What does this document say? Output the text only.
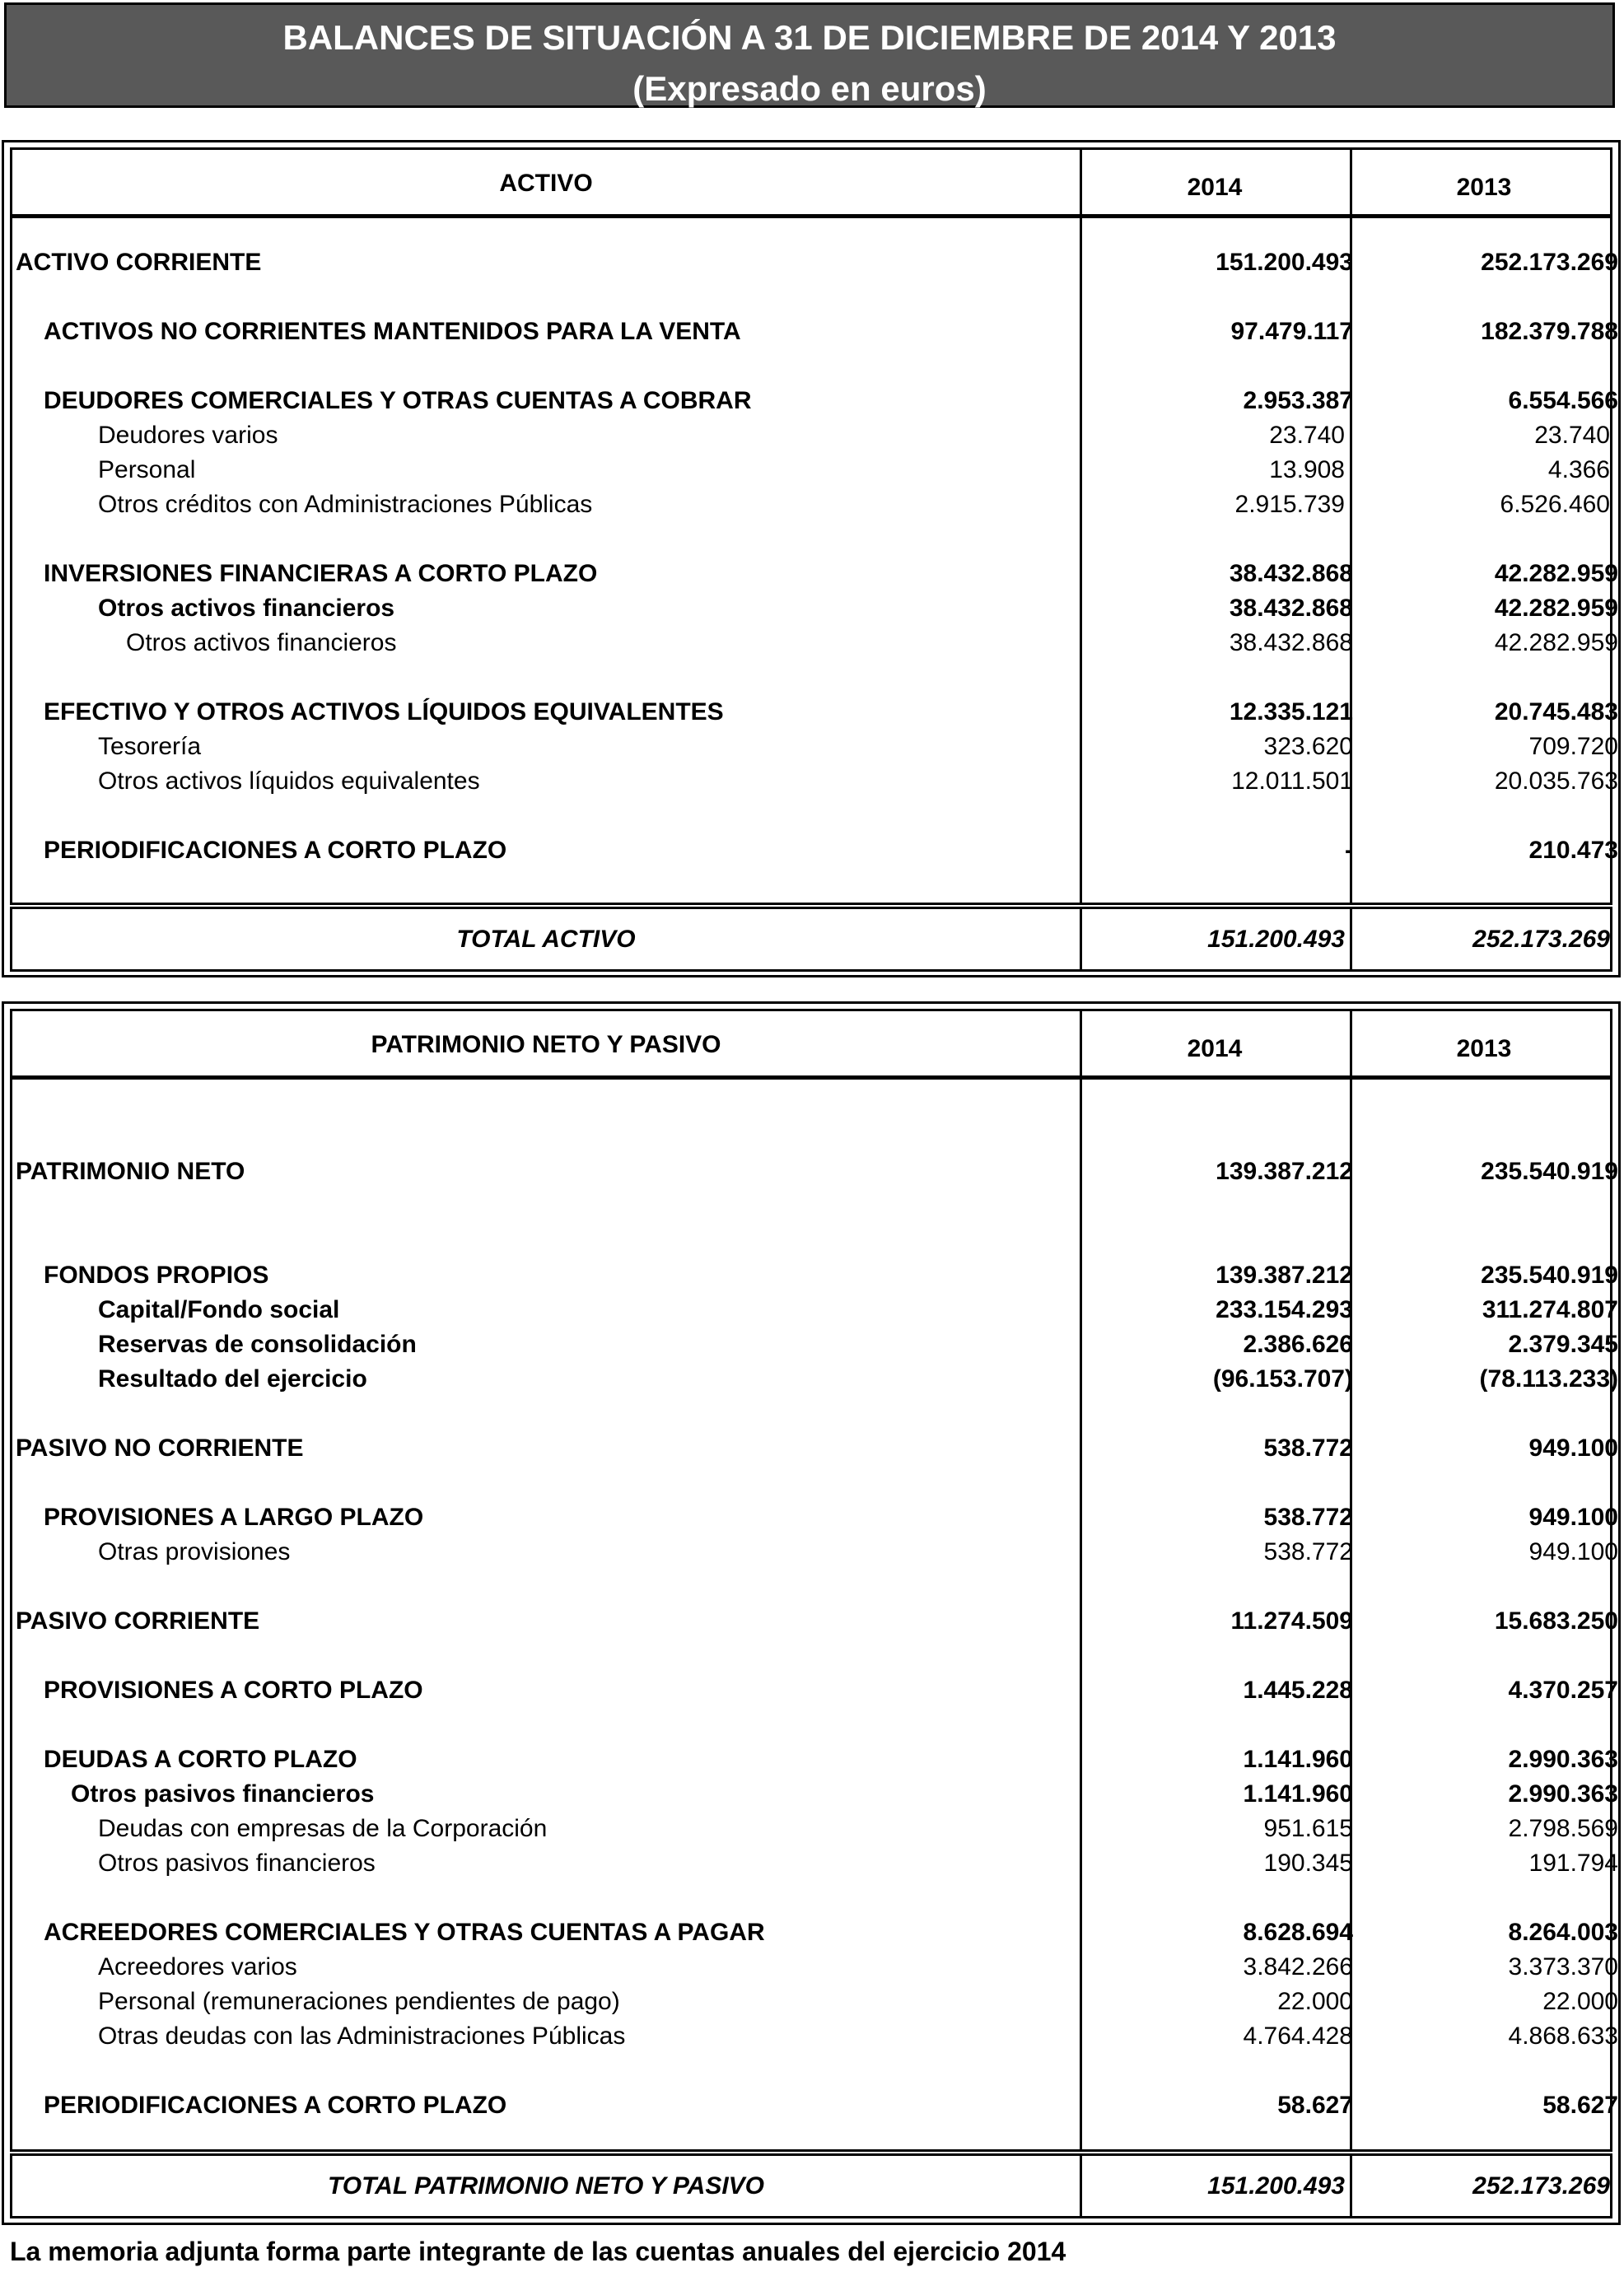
BALANCES DE SITUACIÓN A 31 DE DICIEMBRE DE 2014 Y 2013
(Expresado en euros)
ACTIVO	2014	2013
ACTIVO CORRIENTE	151.200.493	252.173.269
ACTIVOS NO CORRIENTES MANTENIDOS PARA LA VENTA	97.479.117	182.379.788
DEUDORES COMERCIALES Y OTRAS CUENTAS A COBRAR	2.953.387	6.554.566
Deudores varios	23.740	23.740
Personal	13.908	4.366
Otros créditos con Administraciones Públicas	2.915.739	6.526.460
INVERSIONES FINANCIERAS A CORTO PLAZO	38.432.868	42.282.959
Otros activos financieros	38.432.868	42.282.959
Otros activos financieros	38.432.868	42.282.959
EFECTIVO Y OTROS ACTIVOS LÍQUIDOS EQUIVALENTES	12.335.121	20.745.483
Tesorería	323.620	709.720
Otros activos líquidos equivalentes	12.011.501	20.035.763
PERIODIFICACIONES A CORTO PLAZO	-	210.473
TOTAL ACTIVO	151.200.493	252.173.269
PATRIMONIO NETO Y PASIVO	2014	2013
PATRIMONIO NETO	139.387.212	235.540.919
FONDOS PROPIOS	139.387.212	235.540.919
Capital/Fondo social	233.154.293	311.274.807
Reservas de consolidación	2.386.626	2.379.345
Resultado del ejercicio	(96.153.707)	(78.113.233)
PASIVO NO CORRIENTE	538.772	949.100
PROVISIONES A LARGO PLAZO	538.772	949.100
Otras provisiones	538.772	949.100
PASIVO CORRIENTE	11.274.509	15.683.250
PROVISIONES A CORTO PLAZO	1.445.228	4.370.257
DEUDAS A CORTO PLAZO	1.141.960	2.990.363
Otros pasivos financieros	1.141.960	2.990.363
Deudas con empresas de la Corporación	951.615	2.798.569
Otros pasivos financieros	190.345	191.794
ACREEDORES COMERCIALES Y OTRAS CUENTAS A PAGAR	8.628.694	8.264.003
Acreedores varios	3.842.266	3.373.370
Personal (remuneraciones pendientes de pago)	22.000	22.000
Otras deudas con las Administraciones Públicas	4.764.428	4.868.633
PERIODIFICACIONES A CORTO PLAZO	58.627	58.627
TOTAL PATRIMONIO NETO Y PASIVO	151.200.493	252.173.269
La memoria adjunta forma parte integrante de las cuentas anuales del ejercicio 2014
